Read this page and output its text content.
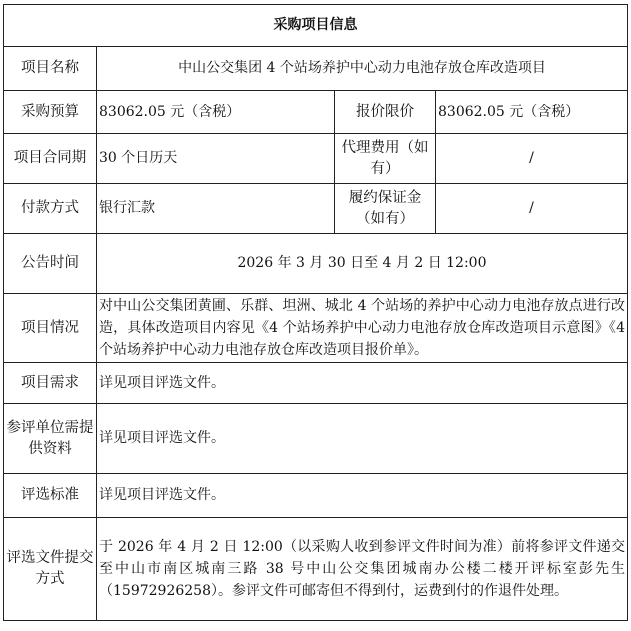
采购项目信息			
项目名称	中山公交集团 4 个站场养护中心动力电池存放仓库改造项目		
采购预算	83062.05 元（含税）	报价限价	83062.05 元（含税）
项目合同期	30 个日历天	代理费用（如有）	/
付款方式	银行汇款	履约保证金（如有）	/
公告时间	2026 年 3 月 30 日至 4 月 2 日 12:00		
项目情况	对中山公交集团黄圃、乐群、坦洲、城北 4 个站场的养护中心动力电池存放点进行改造，具体改造项目内容见《4 个站场养护中心动力电池存放仓库改造项目示意图》《4 个站场养护中心动力电池存放仓库改造项目报价单》。		
项目需求	详见项目评选文件。		
参评单位需提供资料	详见项目评选文件。		
评选标准	详见项目评选文件。		
评选文件提交方式	于 2026 年 4 月 2 日 12:00（以采购人收到参评文件时间为准）前将参评文件递交至中山市南区城南三路 38 号中山公交集团城南办公楼二楼开评标室彭先生（15972926258）。参评文件可邮寄但不得到付，运费到付的作退件处理。		
